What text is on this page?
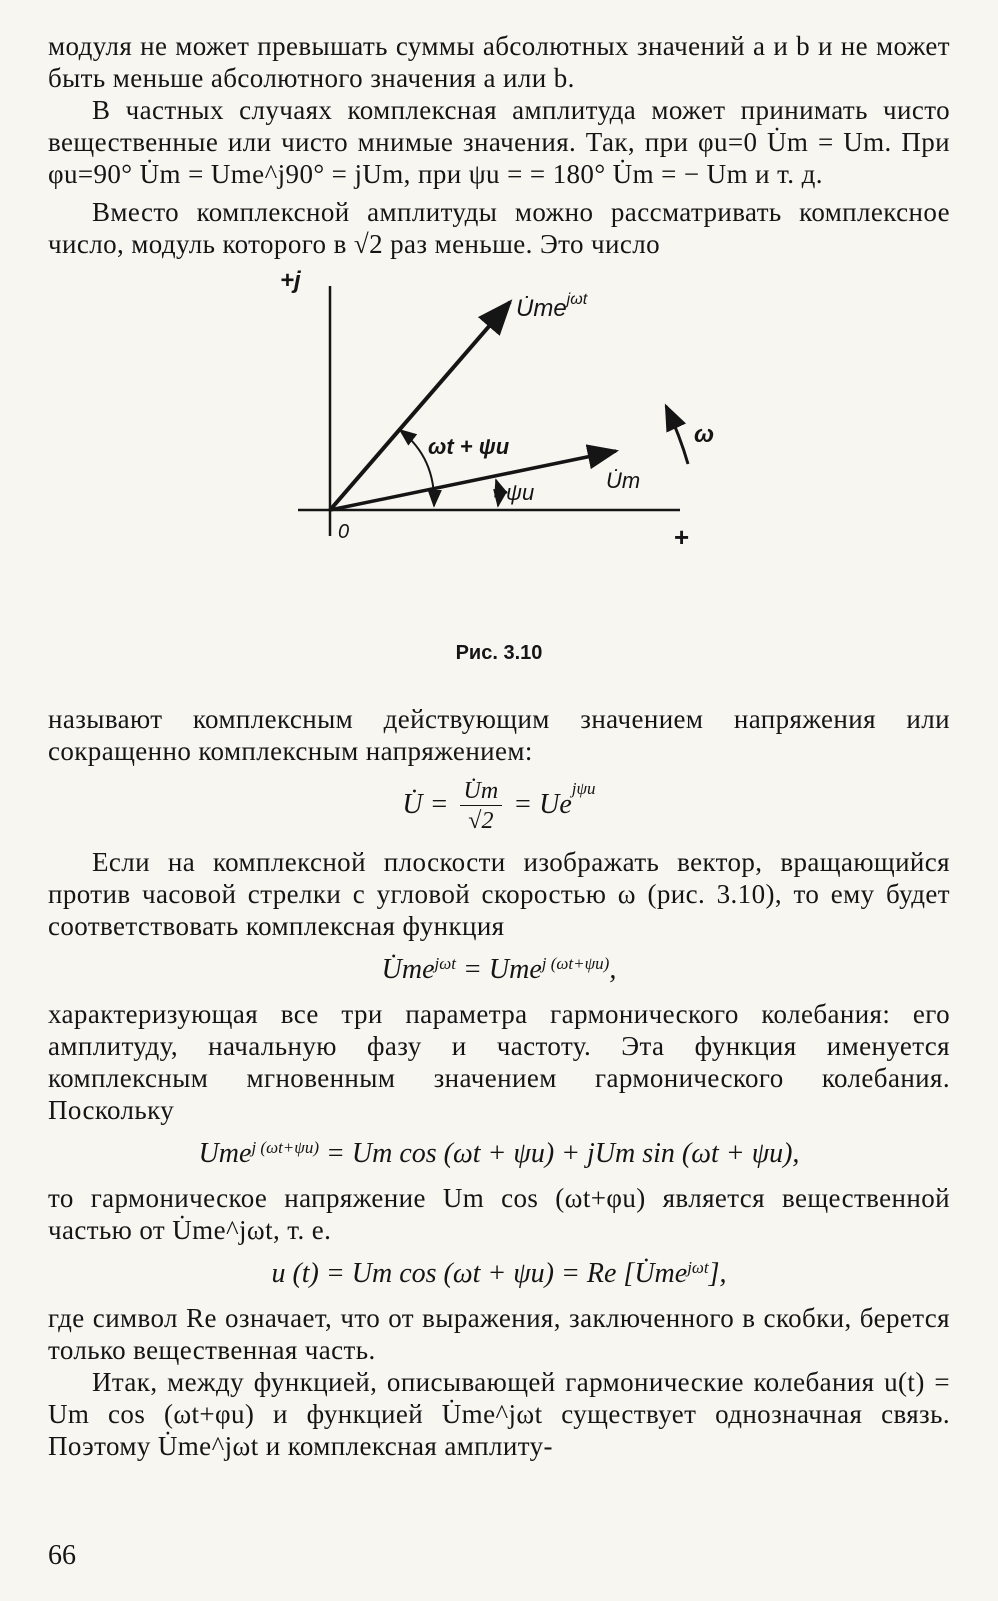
модуля не может превышать суммы абсолютных значений a и b и не может быть меньше абсолютного значения a или b.

В частных случаях комплексная амплитуда может принимать чисто вещественные или чисто мнимые значения. Так, при φu=0 U̇m = Um. При φu=90° U̇m = Ume^j90° = jUm, при ψu = = 180° U̇m = − Um и т. д.

Вместо комплексной амплитуды можно рассматривать комплексное число, модуль которого в √2 раз меньше. Это число

+j
+
0
$U̇me^{j\omega t}$
ωt + ψu
ψu	U̇m
ω
Рис. 3.10

называют комплексным действующим значением напряжения или сокращенно комплексным напряжением:

U̇ = $\frac{U̇m}{√2} = Ue^{j\psi u}$

Если на комплексной плоскости изображать вектор, вращающийся против часовой стрелки с угловой скоростью ω (рис. 3.10), то ему будет соответствовать комплексная функция

$U̇me^{j\omega t} = Ume^{j (\omega t+\psi u)}$,

характеризующая все три параметра гармонического колебания: его амплитуду, начальную фазу и частоту. Эта функция именуется комплексным мгновенным значением гармонического колебания. Поскольку

Ume$^{j (\omega t+\psi u)}$ = Um cos (ωt + ψu) + jUm sin (ωt + ψu),

то гармоническое напряжение Um cos (ωt+φu) является вещественной частью от U̇me^jωt, т. е.

u (t) = Um cos (ωt + ψu) = Re $[U̇me^{j\omega t}]$,

где символ Re означает, что от выражения, заключенного в скобки, берется только вещественная часть.

Итак, между функцией, описывающей гармонические колебания u(t) = Um cos (ωt+φu) и функцией U̇me^jωt существует однозначная связь. Поэтому U̇me^jωt и комплексная амплиту-

66
